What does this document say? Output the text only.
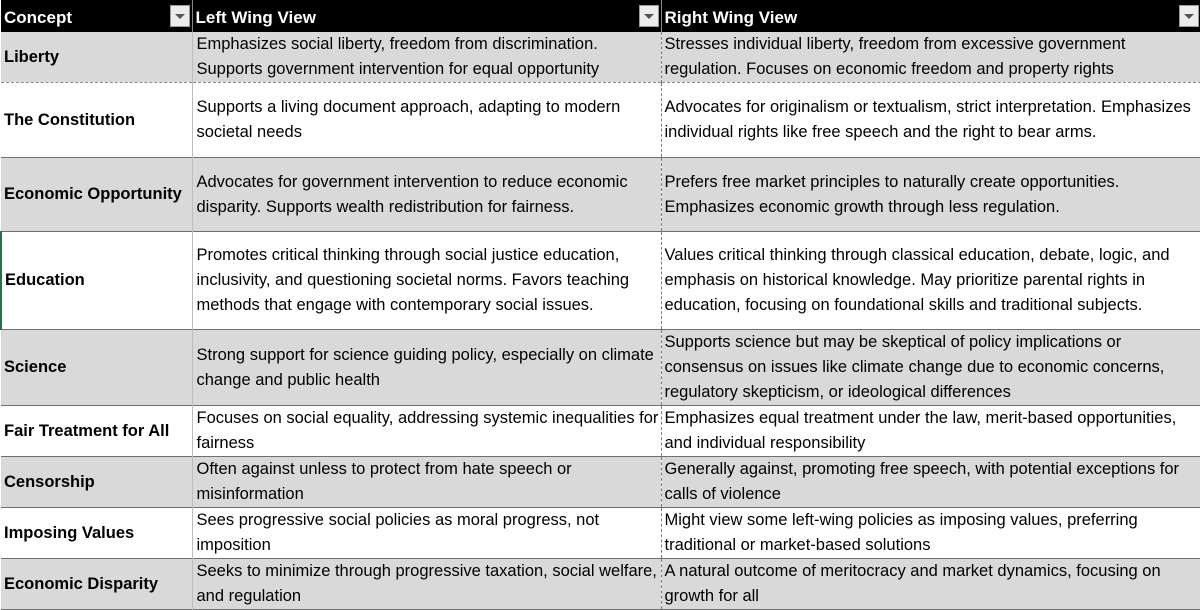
Concept	Left Wing View	Right Wing View

Liberty	Emphasizes social liberty, freedom from discrimination. Supports government intervention for equal opportunity	Stresses individual liberty, freedom from excessive government regulation. Focuses on economic freedom and property rights
The Constitution	Supports a living document approach, adapting to modern societal needs	Advocates for originalism or textualism, strict interpretation. Emphasizes individual rights like free speech and the right to bear arms.
Economic Opportunity	Advocates for government intervention to reduce economic disparity. Supports wealth redistribution for fairness.	Prefers free market principles to naturally create opportunities. Emphasizes economic growth through less regulation.
Education	Promotes critical thinking through social justice education, inclusivity, and questioning societal norms. Favors teaching methods that engage with contemporary social issues.	Values critical thinking through classical education, debate, logic, and emphasis on historical knowledge. May prioritize parental rights in education, focusing on foundational skills and traditional subjects.
Science	Strong support for science guiding policy, especially on climate change and public health	Supports science but may be skeptical of policy implications or consensus on issues like climate change due to economic concerns, regulatory skepticism, or ideological differences
Fair Treatment for All	Focuses on social equality, addressing systemic inequalities for fairness	Emphasizes equal treatment under the law, merit-based opportunities, and individual responsibility
Censorship	Often against unless to protect from hate speech or misinformation	Generally against, promoting free speech, with potential exceptions for calls of violence
Imposing Values	Sees progressive social policies as moral progress, not imposition	Might view some left-wing policies as imposing values, preferring traditional or market-based solutions
Economic Disparity	Seeks to minimize through progressive taxation, social welfare, and regulation	A natural outcome of meritocracy and market dynamics, focusing on growth for all
